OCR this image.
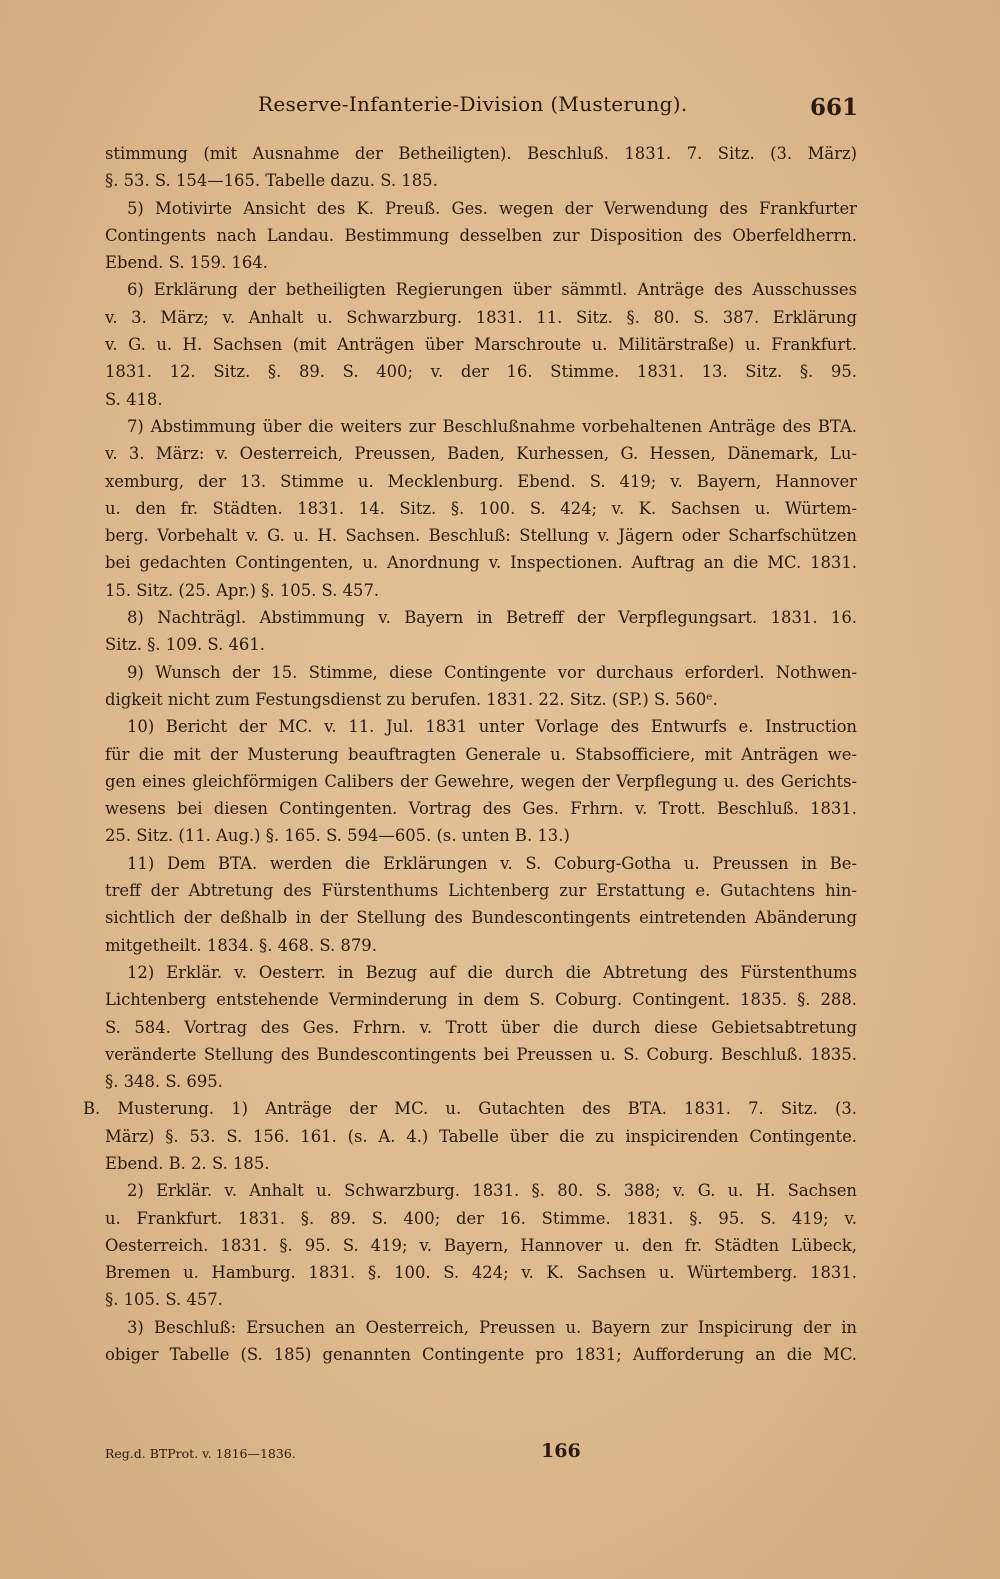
Reserve-Infanterie-Division (Musterung).	661
stimmung (mit Ausnahme der Betheiligten). Beschluß. 1831. 7. Sitz. (3. März)
§. 53. S. 154—165. Tabelle dazu. S. 185.
5) Motivirte Ansicht des K. Preuß. Ges. wegen der Verwendung des Frankfurter
Contingents nach Landau. Bestimmung desselben zur Disposition des Oberfeldherrn.
Ebend. S. 159. 164.
6) Erklärung der betheiligten Regierungen über sämmtl. Anträge des Ausschusses
v. 3. März; v. Anhalt u. Schwarzburg. 1831. 11. Sitz. §. 80. S. 387. Erklärung
v. G. u. H. Sachsen (mit Anträgen über Marschroute u. Militärstraße) u. Frankfurt.
1831. 12. Sitz. §. 89. S. 400; v. der 16. Stimme. 1831. 13. Sitz. §. 95.
S. 418.
7) Abstimmung über die weiters zur Beschlußnahme vorbehaltenen Anträge des BTA.
v. 3. März: v. Oesterreich, Preussen, Baden, Kurhessen, G. Hessen, Dänemark, Lu-
xemburg, der 13. Stimme u. Mecklenburg. Ebend. S. 419; v. Bayern, Hannover
u. den fr. Städten. 1831. 14. Sitz. §. 100. S. 424; v. K. Sachsen u. Würtem-
berg. Vorbehalt v. G. u. H. Sachsen. Beschluß: Stellung v. Jägern oder Scharfschützen
bei gedachten Contingenten, u. Anordnung v. Inspectionen. Auftrag an die MC. 1831.
15. Sitz. (25. Apr.) §. 105. S. 457.
8) Nachträgl. Abstimmung v. Bayern in Betreff der Verpflegungsart. 1831. 16.
Sitz. §. 109. S. 461.
9) Wunsch der 15. Stimme, diese Contingente vor durchaus erforderl. Nothwen-
digkeit nicht zum Festungsdienst zu berufen. 1831. 22. Sitz. (SP.) S. 560ᵉ.
10) Bericht der MC. v. 11. Jul. 1831 unter Vorlage des Entwurfs e. Instruction
für die mit der Musterung beauftragten Generale u. Stabsofficiere, mit Anträgen we-
gen eines gleichförmigen Calibers der Gewehre, wegen der Verpflegung u. des Gerichts-
wesens bei diesen Contingenten. Vortrag des Ges. Frhrn. v. Trott. Beschluß. 1831.
25. Sitz. (11. Aug.) §. 165. S. 594—605. (s. unten B. 13.)
11) Dem BTA. werden die Erklärungen v. S. Coburg-Gotha u. Preussen in Be-
treff der Abtretung des Fürstenthums Lichtenberg zur Erstattung e. Gutachtens hin-
sichtlich der deßhalb in der Stellung des Bundescontingents eintretenden Abänderung
mitgetheilt. 1834. §. 468. S. 879.
12) Erklär. v. Oesterr. in Bezug auf die durch die Abtretung des Fürstenthums
Lichtenberg entstehende Verminderung in dem S. Coburg. Contingent. 1835. §. 288.
S. 584. Vortrag des Ges. Frhrn. v. Trott über die durch diese Gebietsabtretung
veränderte Stellung des Bundescontingents bei Preussen u. S. Coburg. Beschluß. 1835.
§. 348. S. 695.
B. Musterung. 1) Anträge der MC. u. Gutachten des BTA. 1831. 7. Sitz. (3.
März) §. 53. S. 156. 161. (s. A. 4.) Tabelle über die zu inspicirenden Contingente.
Ebend. B. 2. S. 185.
2) Erklär. v. Anhalt u. Schwarzburg. 1831. §. 80. S. 388; v. G. u. H. Sachsen
u. Frankfurt. 1831. §. 89. S. 400; der 16. Stimme. 1831. §. 95. S. 419; v.
Oesterreich. 1831. §. 95. S. 419; v. Bayern, Hannover u. den fr. Städten Lübeck,
Bremen u. Hamburg. 1831. §. 100. S. 424; v. K. Sachsen u. Würtemberg. 1831.
§. 105. S. 457.
3) Beschluß: Ersuchen an Oesterreich, Preussen u. Bayern zur Inspicirung der in
obiger Tabelle (S. 185) genannten Contingente pro 1831; Aufforderung an die MC.
Reg.d. BTProt. v. 1816—1836.	166
